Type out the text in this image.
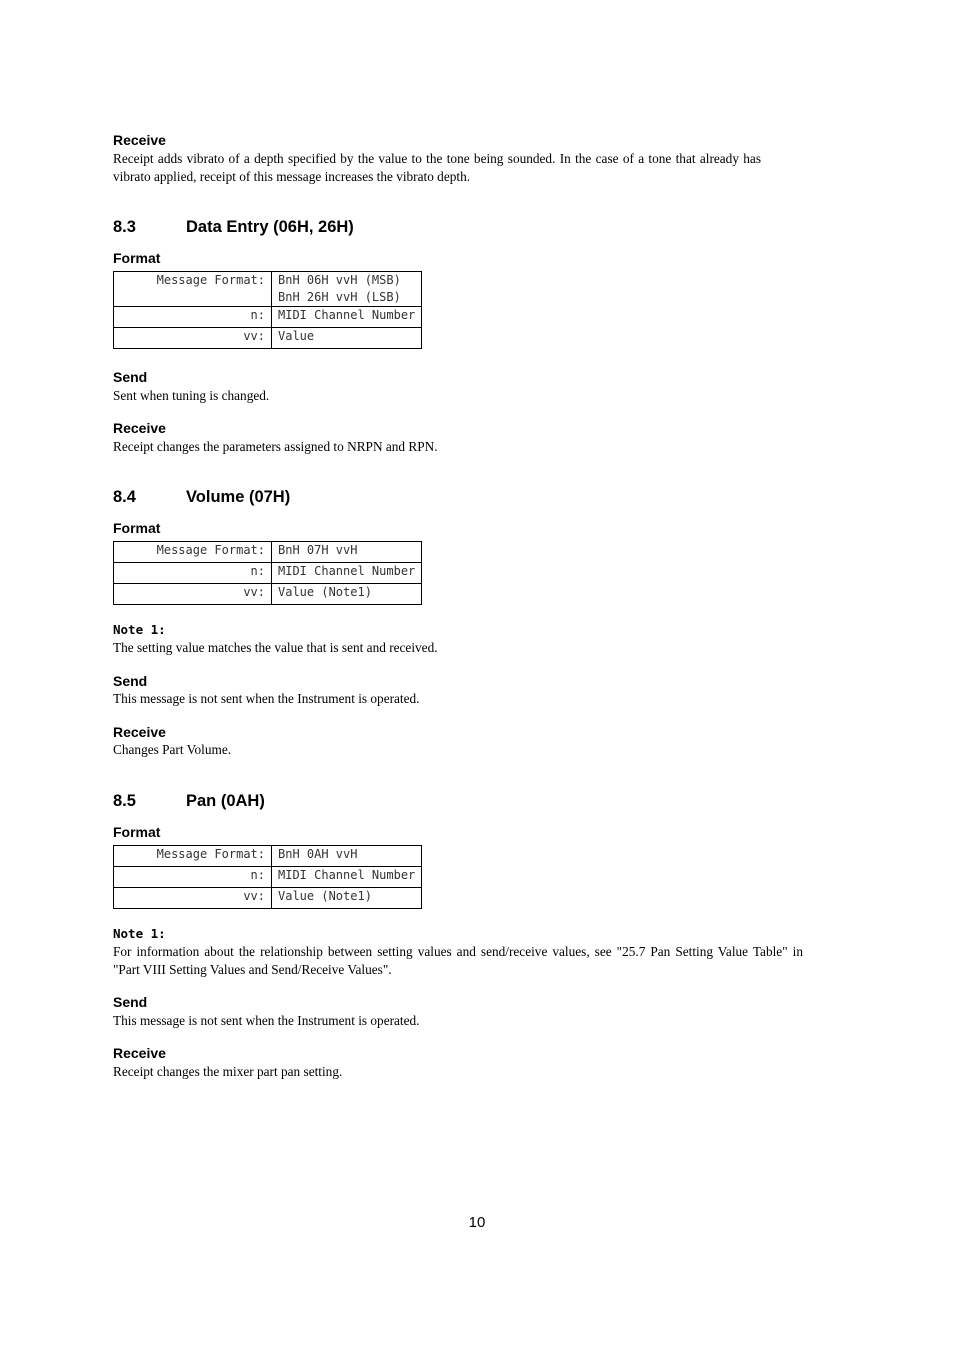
Receive
Receipt adds vibrato of a depth specified by the value to the tone being sounded. In the case of a tone that already has vibrato applied, receipt of this message increases the vibrato depth.
8.3	Data Entry (06H, 26H)
Format
Message Format:	BnH 06H vvH (MSB)
BnH 26H vvH (LSB)

n:	MIDI Channel Number
vv:	Value
Send
Sent when tuning is changed.
Receive
Receipt changes the parameters assigned to NRPN and RPN.
8.4	Volume (07H)
Format
Message Format:	BnH 07H vvH
n:	MIDI Channel Number
vv:	Value (Note1)
Note 1:
The setting value matches the value that is sent and received.
Send
This message is not sent when the Instrument is operated.
Receive
Changes Part Volume.
8.5	Pan (0AH)
Format
Message Format:	BnH 0AH vvH
n:	MIDI Channel Number
vv:	Value (Note1)
Note 1:
For information about the relationship between setting values and send/receive values, see "25.7 Pan Setting Value Table" in "Part VIII Setting Values and Send/Receive Values".
Send
This message is not sent when the Instrument is operated.
Receive
Receipt changes the mixer part pan setting.
10
